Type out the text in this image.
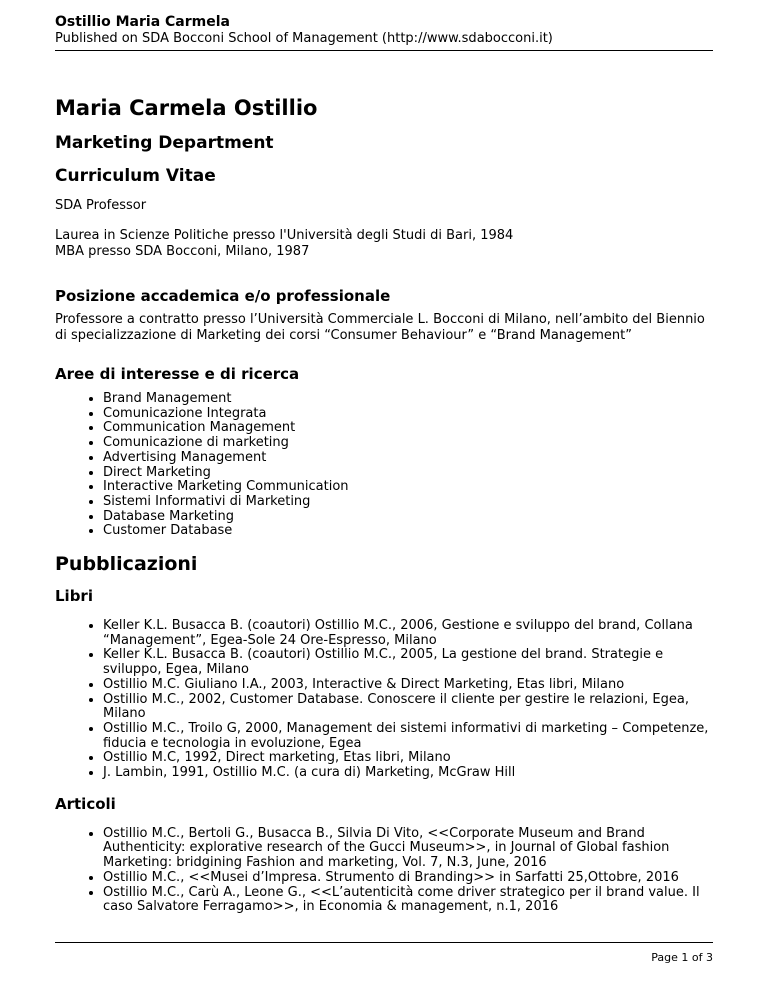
Ostillio Maria Carmela
Published on SDA Bocconi School of Management (http://www.sdabocconi.it)
Maria Carmela Ostillio
Marketing Department
Curriculum Vitae
SDA Professor
Laurea in Scienze Politiche presso l'Università degli Studi di Bari, 1984
MBA presso SDA Bocconi, Milano, 1987
Posizione accademica e/o professionale
Professore a contratto presso l’Università Commerciale L. Bocconi di Milano, nell’ambito del Biennio di specializzazione di Marketing dei corsi “Consumer Behaviour” e “Brand Management”
Aree di interesse e di ricerca
• Brand Management
• Comunicazione Integrata
• Communication Management
• Comunicazione di marketing
• Advertising Management
• Direct Marketing
• Interactive Marketing Communication
• Sistemi Informativi di Marketing
• Database Marketing
• Customer Database
Pubblicazioni
Libri
• Keller K.L. Busacca B. (coautori) Ostillio M.C., 2006, Gestione e sviluppo del brand, Collana “Management”, Egea-Sole 24 Ore-Espresso, Milano
• Keller K.L. Busacca B. (coautori) Ostillio M.C., 2005, La gestione del brand. Strategie e sviluppo, Egea, Milano
• Ostillio M.C. Giuliano I.A., 2003, Interactive & Direct Marketing, Etas libri, Milano
• Ostillio M.C., 2002, Customer Database. Conoscere il cliente per gestire le relazioni, Egea, Milano
• Ostillio M.C., Troilo G, 2000, Management dei sistemi informativi di marketing – Competenze, fiducia e tecnologia in evoluzione, Egea
• Ostillio M.C, 1992, Direct marketing, Etas libri, Milano
• J. Lambin, 1991, Ostillio M.C. (a cura di) Marketing, McGraw Hill
Articoli
• Ostillio M.C., Bertoli G., Busacca B., Silvia Di Vito, <<Corporate Museum and Brand Authenticity: explorative research of the Gucci Museum>>, in Journal of Global fashion Marketing: bridgining Fashion and marketing, Vol. 7, N.3, June, 2016
• Ostillio M.C., <<Musei d’Impresa. Strumento di Branding>> in Sarfatti 25,Ottobre, 2016
• Ostillio M.C., Carù A., Leone G., <<L’autenticità come driver strategico per il brand value. Il caso Salvatore Ferragamo>>, in Economia & management, n.1, 2016
Page 1 of 3
